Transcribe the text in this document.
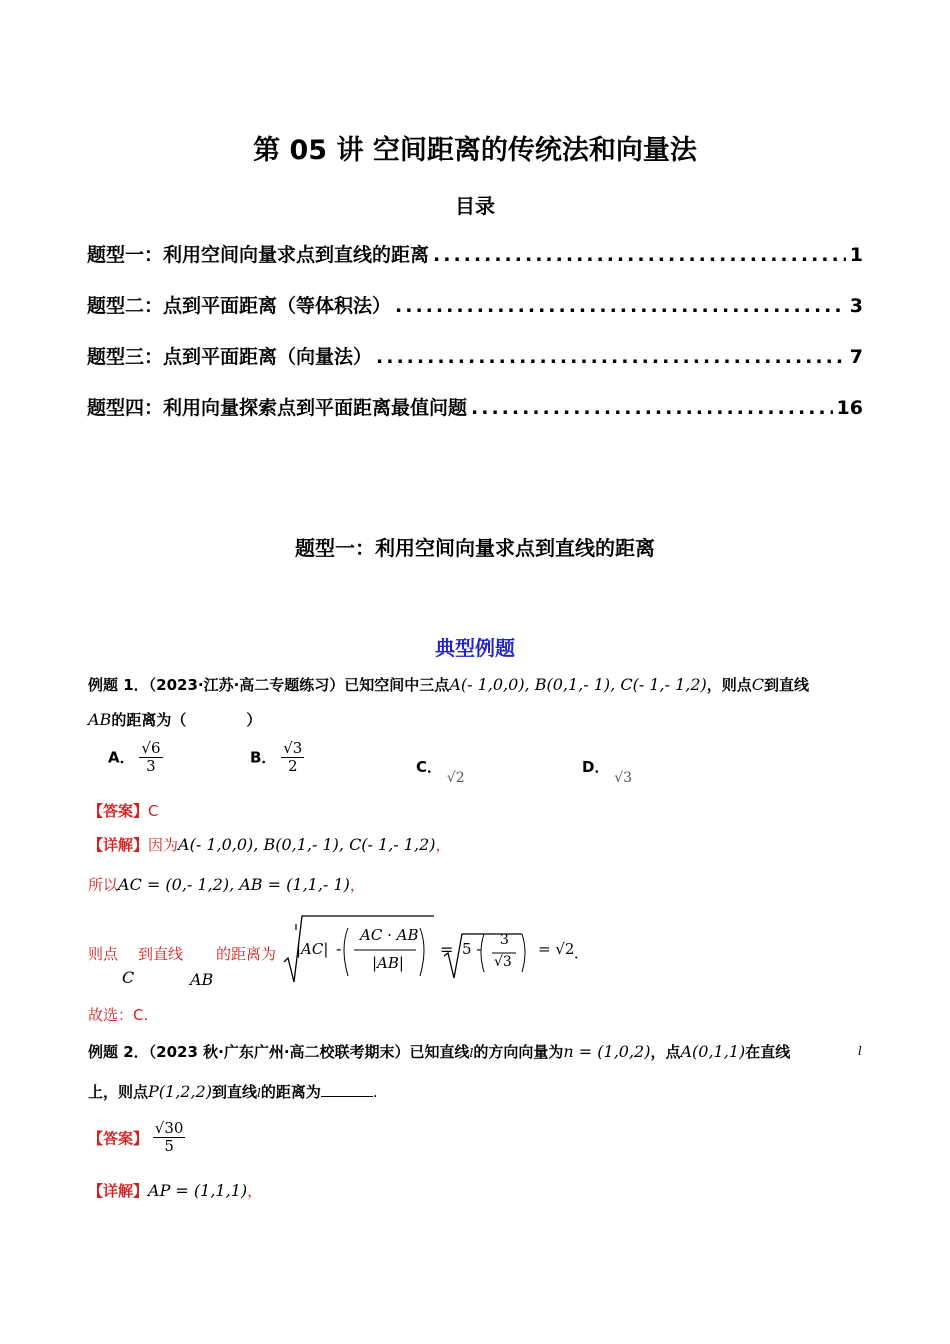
第 05 讲 空间距离的传统法和向量法
目录
题型一：利用空间向量求点到直线的距离 .....	1
题型二：点到平面距离（等体积法） .....	3
题型三：点到平面距离（向量法） .....	7
题型四：利用向量探索点到平面距离最值问题 .....	16
题型一：利用空间向量求点到直线的距离
典型例题
例题 1．（2023·江苏·高二专题练习）已知空间中三点A(- 1,0,0), B(0,1,- 1), C(- 1,- 1,2)，则点C到直线
AB的距离为（　　　　）
A． $\frac{√6}{3}$	B． $\frac{√3}{2}$	C． √2
D． √3
【答案】C
【详解】因为A(- 1,0,0), B(0,1,- 1), C(- 1,- 1,2)，
所以AC = (0,- 1,2), AB = (1,1,- 1)，
则点
C
到直线
AB
的距离为 |AC| -
AC · AB
|AB|
= 5 - 3
√3
= √2 ．
故选：C.
例题 2．（2023 秋·广东广州·高二校联考期末）已知直线l的方向向量为n = (1,0,2)，点A(0,1,1)在直线	l
上，则点P(1,2,2)到直线l的距离为	.
【答案】 $\frac{√30}{5}$
【详解】AP = (1,1,1)，
